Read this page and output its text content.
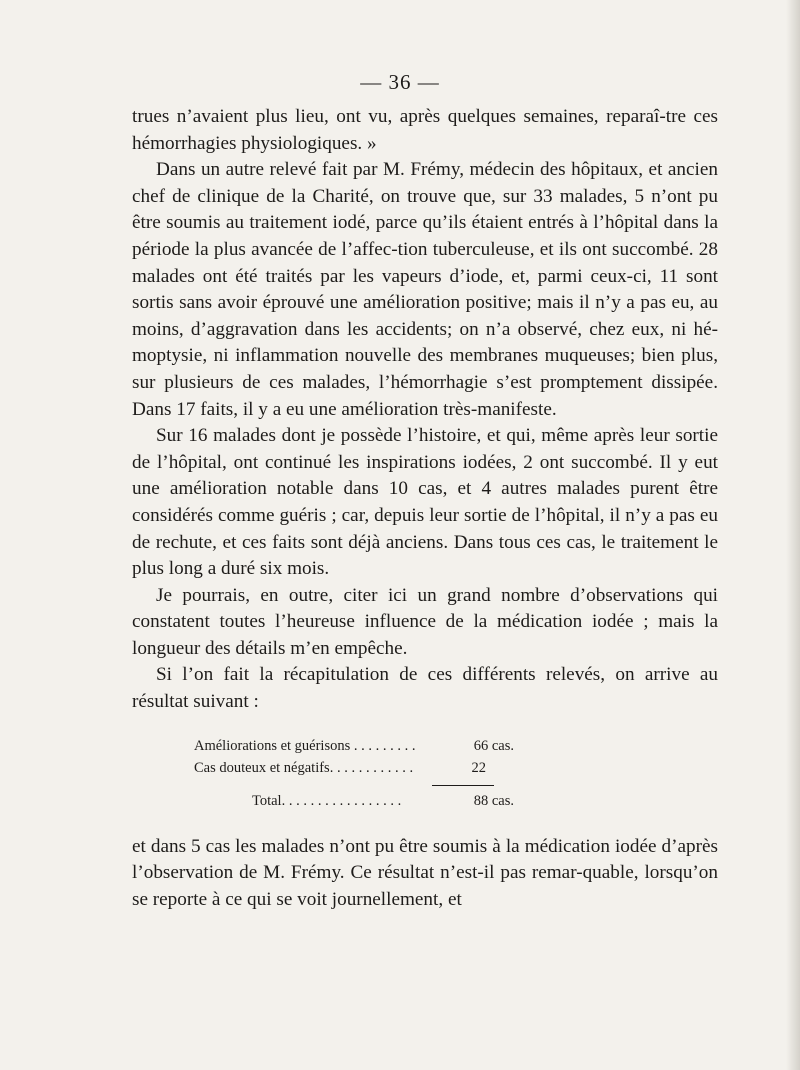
— 36 —

trues n’avaient plus lieu, ont vu, après quelques semaines, reparaî-tre ces hémorrhagies physiologiques. »

Dans un autre relevé fait par M. Frémy, médecin des hôpitaux, et ancien chef de clinique de la Charité, on trouve que, sur 33 malades, 5 n’ont pu être soumis au traitement iodé, parce qu’ils étaient entrés à l’hôpital dans la période la plus avancée de l’affec-tion tuberculeuse, et ils ont succombé. 28 malades ont été traités par les vapeurs d’iode, et, parmi ceux-ci, 11 sont sortis sans avoir éprouvé une amélioration positive; mais il n’y a pas eu, au moins, d’aggravation dans les accidents; on n’a observé, chez eux, ni hé-moptysie, ni inflammation nouvelle des membranes muqueuses; bien plus, sur plusieurs de ces malades, l’hémorrhagie s’est promptement dissipée. Dans 17 faits, il y a eu une amélioration très-manifeste.

Sur 16 malades dont je possède l’histoire, et qui, même après leur sortie de l’hôpital, ont continué les inspirations iodées, 2 ont succombé. Il y eut une amélioration notable dans 10 cas, et 4 autres malades purent être considérés comme guéris ; car, depuis leur sortie de l’hôpital, il n’y a pas eu de rechute, et ces faits sont déjà anciens. Dans tous ces cas, le traitement le plus long a duré six mois.

Je pourrais, en outre, citer ici un grand nombre d’observations qui constatent toutes l’heureuse influence de la médication iodée ; mais la longueur des détails m’en empêche.

Si l’on fait la récapitulation de ces différents relevés, on arrive au résultat suivant :

Améliorations et guérisons . . . . . . . . .	66 cas.
Cas douteux et négatifs. . . . . . . . . . . .	22
Total. . . . . . . . . . . . . . . . .	88 cas.

et dans 5 cas les malades n’ont pu être soumis à la médication iodée d’après l’observation de M. Frémy. Ce résultat n’est-il pas remar-quable, lorsqu’on se reporte à ce qui se voit journellement, et
